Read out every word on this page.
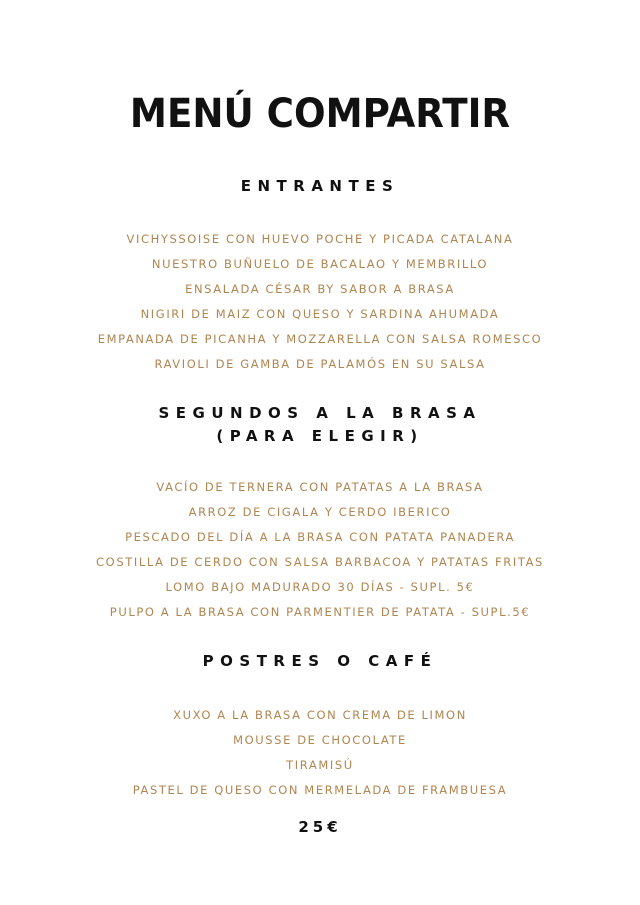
MENÚ COMPARTIR
ENTRANTES
VICHYSSOISE CON HUEVO POCHE Y PICADA CATALANA
NUESTRO BUÑUELO DE BACALAO Y MEMBRILLO
ENSALADA CÉSAR BY SABOR A BRASA
NIGIRI DE MAIZ CON QUESO Y SARDINA AHUMADA
EMPANADA DE PICANHA Y MOZZARELLA CON SALSA ROMESCO
RAVIOLI DE GAMBA DE PALAMÓS EN SU SALSA
SEGUNDOS A LA BRASA
(PARA ELEGIR)
VACÍO DE TERNERA CON PATATAS A LA BRASA
ARROZ DE CIGALA Y CERDO IBERICO
PESCADO DEL DÍA A LA BRASA CON PATATA PANADERA
COSTILLA DE CERDO CON SALSA BARBACOA Y PATATAS FRITAS
LOMO BAJO MADURADO 30 DÍAS - SUPL. 5€
PULPO A LA BRASA CON PARMENTIER DE PATATA - SUPL.5€
POSTRES O CAFÉ
XUXO A LA BRASA CON CREMA DE LIMON
MOUSSE DE CHOCOLATE
TIRAMISÚ
PASTEL DE QUESO CON MERMELADA DE FRAMBUESA
25€
